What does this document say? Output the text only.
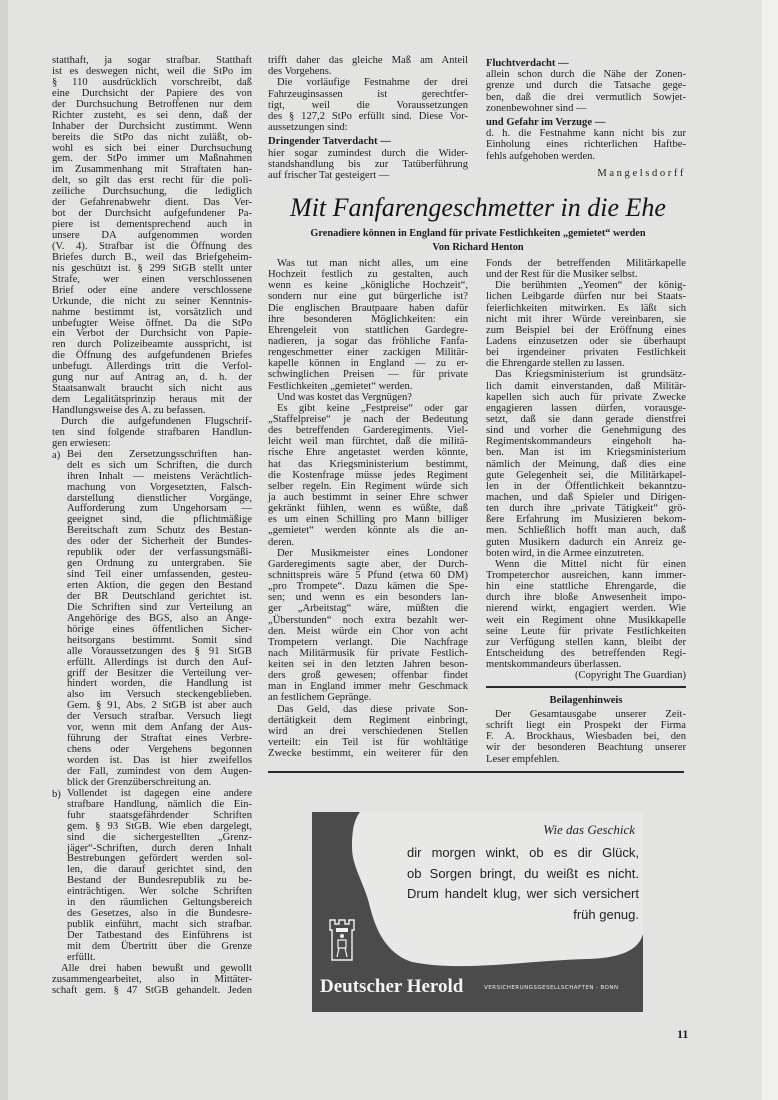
statthaft, ja sogar strafbar. Statthaft
ist es deswegen nicht, weil die StPo im
§ 110 ausdrücklich vorschreibt, daß
eine Durchsicht der Papiere des von
der Durchsuchung Betroffenen nur dem
Richter zusteht, es sei denn, daß der
Inhaber der Durchsicht zustimmt. Wenn
bereits die StPo das nicht zuläßt, ob-
wohl es sich bei einer Durchsuchung
gem. der StPo immer um Maßnahmen
im Zusammenhang mit Straftaten han-
delt, so gilt das erst recht für die poli-
zeiliche Durchsuchung, die lediglich
der Gefahrenabwehr dient. Das Ver-
bot der Durchsicht aufgefundener Pa-
piere ist dementsprechend auch in
unsere DA aufgenommen worden
(V. 4). Strafbar ist die Öffnung des
Briefes durch B., weil das Briefgeheim-
nis geschützt ist. § 299 StGB stellt unter
Strafe, wer einen verschlossenen
Brief oder eine andere verschlossene
Urkunde, die nicht zu seiner Kenntnis-
nahme bestimmt ist, vorsätzlich und
unbefugter Weise öffnet. Da die StPo
ein Verbot der Durchsicht von Papie-
ren durch Polizeibeamte ausspricht, ist
die Öffnung des aufgefundenen Briefes
unbefugt. Allerdings tritt die Verfol-
gung nur auf Antrag an, d. h. der
Staatsanwalt braucht sich nicht aus
dem Legalitätsprinzip heraus mit der
Handlungsweise des A. zu befassen.
Durch die aufgefundenen Flugschrif-
ten sind folgende strafbaren Handlun-
gen erwiesen:
a) Bei den Zersetzungsschriften han-
delt es sich um Schriften, die durch
ihren Inhalt — meistens Verächtlich-
machung von Vorgesetzten, Falsch-
darstellung dienstlicher Vorgänge,
Aufforderung zum Ungehorsam —
geeignet sind, die pflichtmäßige
Bereitschaft zum Schutz des Bestan-
des oder der Sicherheit der Bundes-
republik oder der verfassungsmäßi-
gen Ordnung zu untergraben. Sie
sind Teil einer umfassenden, gesteu-
erten Aktion, die gegen den Bestand
der BR Deutschland gerichtet ist.
Die Schriften sind zur Verteilung an
Angehörige des BGS, also an Ange-
hörige eines öffentlichen Sicher-
heitsorgans bestimmt. Somit sind
alle Voraussetzungen des § 91 StGB
erfüllt. Allerdings ist durch den Auf-
griff der Besitzer die Verteilung ver-
hindert worden, die Handlung ist
also im Versuch steckengeblieben.
Gem. § 91, Abs. 2 StGB ist aber auch
der Versuch strafbar. Versuch liegt
vor, wenn mit dem Anfang der Aus-
führung der Straftat eines Verbre-
chens oder Vergehens begonnen
worden ist. Das ist hier zweifellos
der Fall, zumindest von dem Augen-
blick der Grenzüberschreitung an.
b) Vollendet ist dagegen eine andere
strafbare Handlung, nämlich die Ein-
fuhr staatsgefährdender Schriften
gem. § 93 StGB. Wie eben dargelegt,
sind die sichergestellten „Grenz-
jäger“-Schriften, durch deren Inhalt
Bestrebungen gefördert werden sol-
len, die darauf gerichtet sind, den
Bestand der Bundesrepublik zu be-
einträchtigen. Wer solche Schriften
in den räumlichen Geltungsbereich
des Gesetzes, also in die Bundesre-
publik einführt, macht sich strafbar.
Der Tatbestand des Einführens ist
mit dem Übertritt über die Grenze
erfüllt.
Alle drei haben bewußt und gewollt
zusammengearbeitet, also in Mittäter-
schaft gem. § 47 StGB gehandelt. Jeden
trifft daher das gleiche Maß am Anteil
des Vorgehens.
Die vorläufige Festnahme der drei
Fahrzeuginsassen ist gerechtfer-
tigt, weil die Voraussetzungen
des § 127,2 StPo erfüllt sind. Diese Vor-
aussetzungen sind:
Dringender Tatverdacht —
hier sogar zumindest durch die Wider-
standshandlung bis zur Tatüberführung
auf frischer Tat gesteigert —
Fluchtverdacht —
allein schon durch die Nähe der Zonen-
grenze und durch die Tatsache gege-
ben, daß die drei vermutlich Sowjet-
zonenbewohner sind —
und Gefahr im Verzuge —
d. h. die Festnahme kann nicht bis zur
Einholung eines richterlichen Haftbe-
fehls aufgehoben werden.
Mangelsdorff
Mit Fanfarengeschmetter in die Ehe
Grenadiere können in England für private Festlichkeiten „gemietet“ werden
Von Richard Henton
Was tut man nicht alles, um eine
Hochzeit festlich zu gestalten, auch
wenn es keine „königliche Hochzeit“,
sondern nur eine gut bürgerliche ist?
Die englischen Brautpaare haben dafür
ihre besonderen Möglichkeiten: ein
Ehrengeleit von stattlichen Gardegre-
nadieren, ja sogar das fröhliche Fanfa-
rengeschmetter einer zackigen Militär-
kapelle können in England — zu er-
schwinglichen Preisen — für private
Festlichkeiten „gemietet“ werden.
Und was kostet das Vergnügen?
Es gibt keine „Festpreise“ oder gar
„Staffelpreise“ je nach der Bedeutung
des betreffenden Garderegiments. Viel-
leicht weil man fürchtet, daß die militä-
rische Ehre angetastet werden könnte,
hat das Kriegsministerium bestimmt,
die Kostenfrage müsse jedes Regiment
selber regeln. Ein Regiment würde sich
ja auch bestimmt in seiner Ehre schwer
gekränkt fühlen, wenn es wüßte, daß
es um einen Schilling pro Mann billiger
„gemietet“ werden könnte als die an-
deren.
Der Musikmeister eines Londoner
Garderegiments sagte aber, der Durch-
schnittspreis wäre 5 Pfund (etwa 60 DM)
„pro Trompete“. Dazu kämen die Spe-
sen; und wenn es ein besonders lan-
ger „Arbeitstag“ wäre, müßten die
„Überstunden“ noch extra bezahlt wer-
den. Meist würde ein Chor von acht
Trompetern verlangt. Die Nachfrage
nach Militärmusik für private Festlich-
keiten sei in den letzten Jahren beson-
ders groß gewesen; offenbar findet
man in England immer mehr Geschmack
an festlichem Gepränge.
Das Geld, das diese private Son-
dertätigkeit dem Regiment einbringt,
wird an drei verschiedenen Stellen
verteilt: ein Teil ist für wohltätige
Zwecke bestimmt, ein weiterer für den
Fonds der betreffenden Militärkapelle
und der Rest für die Musiker selbst.
Die berühmten „Yeomen“ der könig-
lichen Leibgarde dürfen nur bei Staats-
feierlichkeiten mitwirken. Es läßt sich
nicht mit ihrer Würde vereinbaren, sie
zum Beispiel bei der Eröffnung eines
Ladens einzusetzen oder sie überhaupt
bei irgendeiner privaten Festlichkeit
die Ehrengarde stellen zu lassen.
Das Kriegsministerium ist grundsätz-
lich damit einverstanden, daß Militär-
kapellen sich auch für private Zwecke
engagieren lassen dürfen, vorausge-
setzt, daß sie dann gerade dienstfrei
sind und vorher die Genehmigung des
Regimentskommandeurs eingeholt ha-
ben. Man ist im Kriegsministerium
nämlich der Meinung, daß dies eine
gute Gelegenheit sei, die Militärkapel-
len in der Öffentlichkeit bekanntzu-
machen, und daß Spieler und Dirigen-
ten durch ihre „private Tätigkeit“ grö-
ßere Erfahrung im Musizieren bekom-
men. Schließlich hofft man auch, daß
guten Musikern dadurch ein Anreiz ge-
boten wird, in die Armee einzutreten.
Wenn die Mittel nicht für einen
Trompeterchor ausreichen, kann immer-
hin eine stattliche Ehrengarde, die
durch ihre bloße Anwesenheit impo-
nierend wirkt, engagiert werden. Wie
weit ein Regiment ohne Musikkapelle
seine Leute für private Festlichkeiten
zur Verfügung stellen kann, bleibt der
Entscheidung des betreffenden Regi-
mentskommandeurs überlassen.
(Copyright The Guardian)
Beilagenhinweis
Der Gesamtausgabe unserer Zeit-
schrift liegt ein Prospekt der Firma
F. A. Brockhaus, Wiesbaden bei, den
wir der besonderen Beachtung unserer
Leser empfehlen.
Wie das Geschick
dir morgen winkt, ob es dir Glück,
ob Sorgen bringt, du weißt es nicht.
Drum handelt klug, wer sich versichert
früh genug.
Deutscher Herold	VERSICHERUNGSGESELLSCHAFTEN · BONN
11
